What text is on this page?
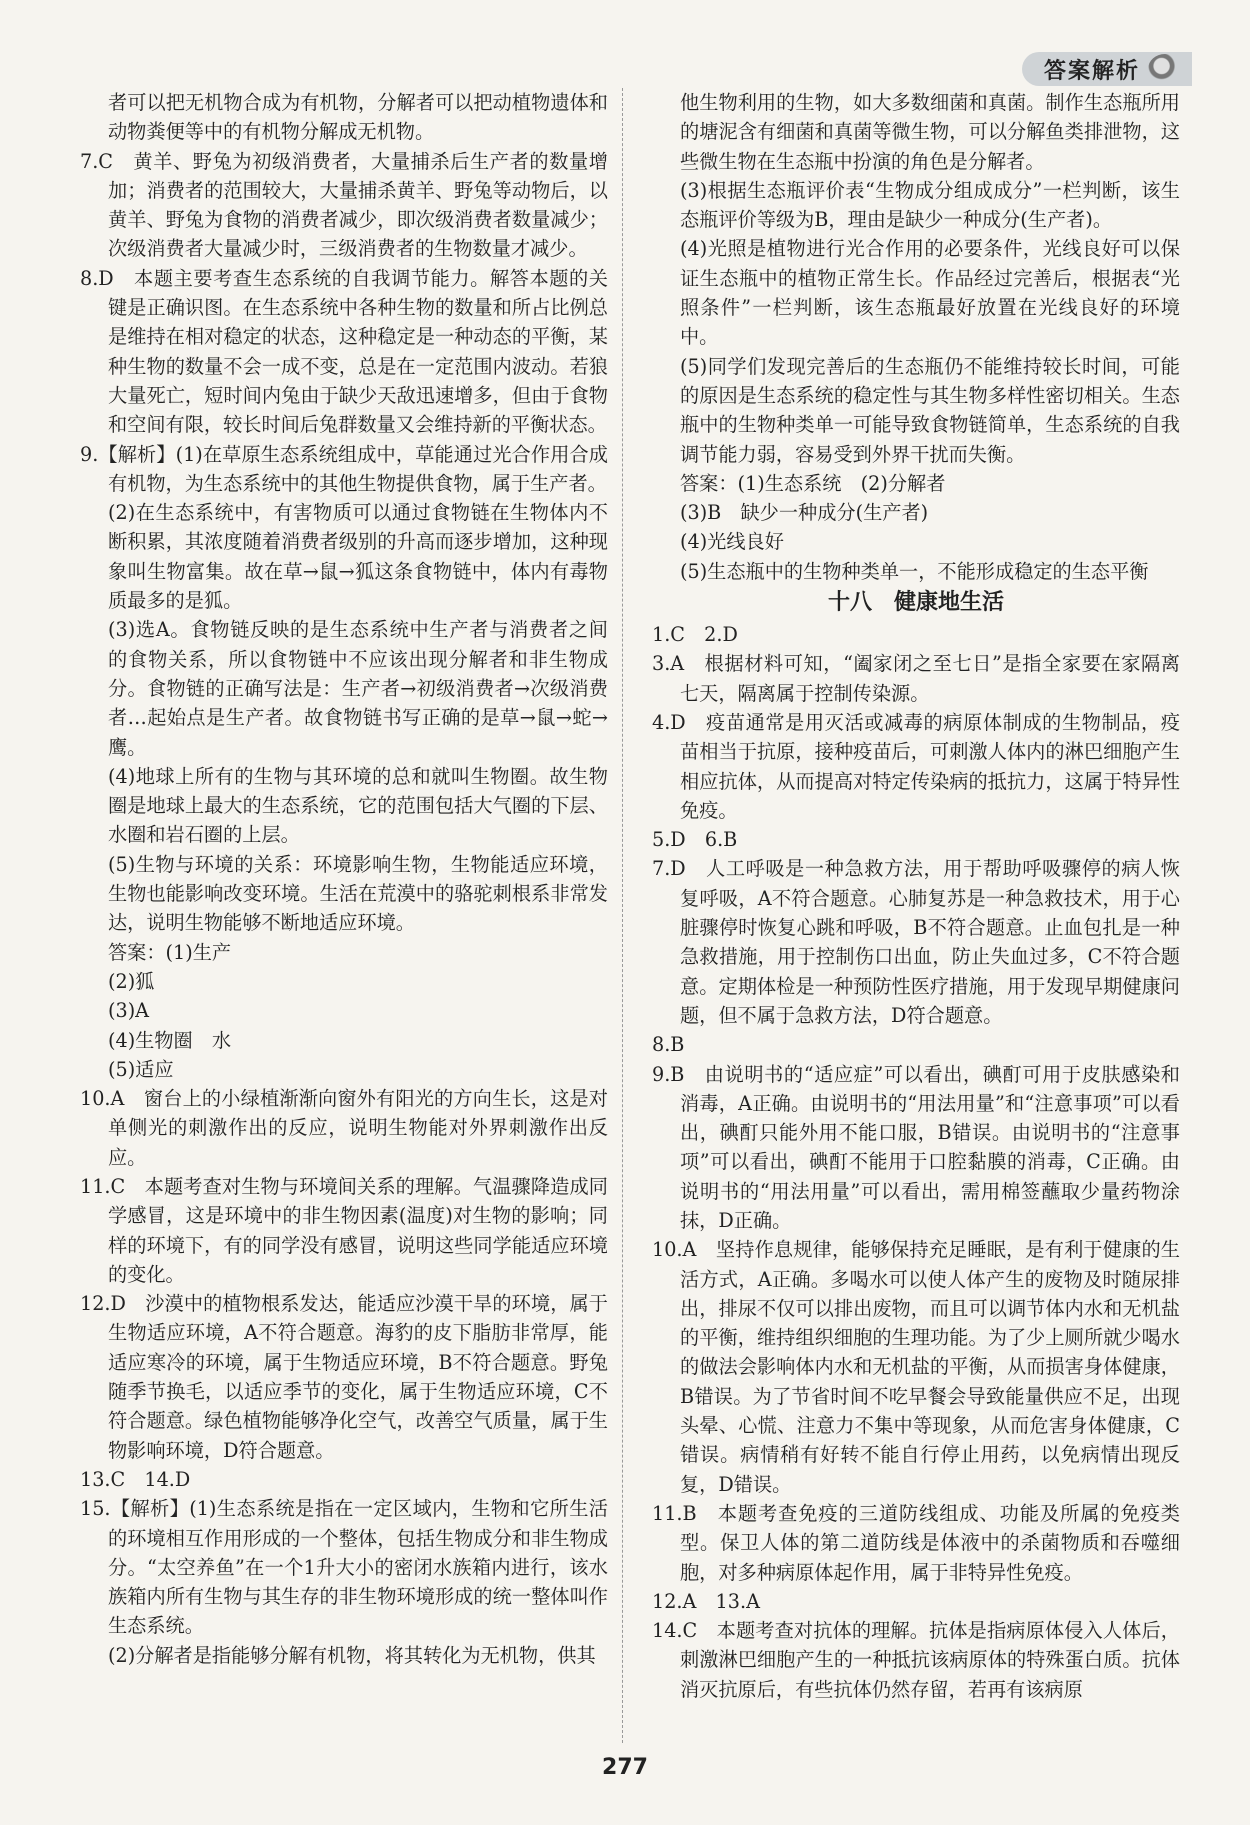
答案解析

者可以把无机物合成为有机物，分解者可以把动植物遗体和动物粪便等中的有机物分解成无机物。

7.C　黄羊、野兔为初级消费者，大量捕杀后生产者的数量增加；消费者的范围较大，大量捕杀黄羊、野兔等动物后，以黄羊、野兔为食物的消费者减少，即次级消费者数量减少；次级消费者大量减少时，三级消费者的生物数量才减少。

8.D　本题主要考查生态系统的自我调节能力。解答本题的关键是正确识图。在生态系统中各种生物的数量和所占比例总是维持在相对稳定的状态，这种稳定是一种动态的平衡，某种生物的数量不会一成不变，总是在一定范围内波动。若狼大量死亡，短时间内兔由于缺少天敌迅速增多，但由于食物和空间有限，较长时间后兔群数量又会维持新的平衡状态。

9.【解析】(1)在草原生态系统组成中，草能通过光合作用合成有机物，为生态系统中的其他生物提供食物，属于生产者。

(2)在生态系统中，有害物质可以通过食物链在生物体内不断积累，其浓度随着消费者级别的升高而逐步增加，这种现象叫生物富集。故在草→鼠→狐这条食物链中，体内有毒物质最多的是狐。

(3)选A。食物链反映的是生态系统中生产者与消费者之间的食物关系，所以食物链中不应该出现分解者和非生物成分。食物链的正确写法是：生产者→初级消费者→次级消费者…起始点是生产者。故食物链书写正确的是草→鼠→蛇→鹰。

(4)地球上所有的生物与其环境的总和就叫生物圈。故生物圈是地球上最大的生态系统，它的范围包括大气圈的下层、水圈和岩石圈的上层。

(5)生物与环境的关系：环境影响生物，生物能适应环境，生物也能影响改变环境。生活在荒漠中的骆驼刺根系非常发达，说明生物能够不断地适应环境。

答案：(1)生产

(2)狐

(3)A

(4)生物圈　水

(5)适应

10.A　窗台上的小绿植渐渐向窗外有阳光的方向生长，这是对单侧光的刺激作出的反应，说明生物能对外界刺激作出反应。

11.C　本题考查对生物与环境间关系的理解。气温骤降造成同学感冒，这是环境中的非生物因素(温度)对生物的影响；同样的环境下，有的同学没有感冒，说明这些同学能适应环境的变化。

12.D　沙漠中的植物根系发达，能适应沙漠干旱的环境，属于生物适应环境，A不符合题意。海豹的皮下脂肪非常厚，能适应寒冷的环境，属于生物适应环境，B不符合题意。野兔随季节换毛，以适应季节的变化，属于生物适应环境，C不符合题意。绿色植物能够净化空气，改善空气质量，属于生物影响环境，D符合题意。

13.C　14.D

15.【解析】(1)生态系统是指在一定区域内，生物和它所生活的环境相互作用形成的一个整体，包括生物成分和非生物成分。“太空养鱼”在一个1升大小的密闭水族箱内进行，该水族箱内所有生物与其生存的非生物环境形成的统一整体叫作生态系统。

(2)分解者是指能够分解有机物，将其转化为无机物，供其

他生物利用的生物，如大多数细菌和真菌。制作生态瓶所用的塘泥含有细菌和真菌等微生物，可以分解鱼类排泄物，这些微生物在生态瓶中扮演的角色是分解者。

(3)根据生态瓶评价表“生物成分组成成分”一栏判断，该生态瓶评价等级为B，理由是缺少一种成分(生产者)。

(4)光照是植物进行光合作用的必要条件，光线良好可以保证生态瓶中的植物正常生长。作品经过完善后，根据表“光照条件”一栏判断，该生态瓶最好放置在光线良好的环境中。

(5)同学们发现完善后的生态瓶仍不能维持较长时间，可能的原因是生态系统的稳定性与其生物多样性密切相关。生态瓶中的生物种类单一可能导致食物链简单，生态系统的自我调节能力弱，容易受到外界干扰而失衡。

答案：(1)生态系统　(2)分解者

(3)B　缺少一种成分(生产者)

(4)光线良好

(5)生态瓶中的生物种类单一，不能形成稳定的生态平衡

十八　健康地生活

1.C　2.D

3.A　根据材料可知，“阖家闭之至七日”是指全家要在家隔离七天，隔离属于控制传染源。

4.D　疫苗通常是用灭活或减毒的病原体制成的生物制品，疫苗相当于抗原，接种疫苗后，可刺激人体内的淋巴细胞产生相应抗体，从而提高对特定传染病的抵抗力，这属于特异性免疫。

5.D　6.B

7.D　人工呼吸是一种急救方法，用于帮助呼吸骤停的病人恢复呼吸，A不符合题意。心肺复苏是一种急救技术，用于心脏骤停时恢复心跳和呼吸，B不符合题意。止血包扎是一种急救措施，用于控制伤口出血，防止失血过多，C不符合题意。定期体检是一种预防性医疗措施，用于发现早期健康问题，但不属于急救方法，D符合题意。

8.B

9.B　由说明书的“适应症”可以看出，碘酊可用于皮肤感染和消毒，A正确。由说明书的“用法用量”和“注意事项”可以看出，碘酊只能外用不能口服，B错误。由说明书的“注意事项”可以看出，碘酊不能用于口腔黏膜的消毒，C正确。由说明书的“用法用量”可以看出，需用棉签蘸取少量药物涂抹，D正确。

10.A　坚持作息规律，能够保持充足睡眠，是有利于健康的生活方式，A正确。多喝水可以使人体产生的废物及时随尿排出，排尿不仅可以排出废物，而且可以调节体内水和无机盐的平衡，维持组织细胞的生理功能。为了少上厕所就少喝水的做法会影响体内水和无机盐的平衡，从而损害身体健康，B错误。为了节省时间不吃早餐会导致能量供应不足，出现头晕、心慌、注意力不集中等现象，从而危害身体健康，C错误。病情稍有好转不能自行停止用药，以免病情出现反复，D错误。

11.B　本题考查免疫的三道防线组成、功能及所属的免疫类型。保卫人体的第二道防线是体液中的杀菌物质和吞噬细胞，对多种病原体起作用，属于非特异性免疫。

12.A　13.A

14.C　本题考查对抗体的理解。抗体是指病原体侵入人体后，刺激淋巴细胞产生的一种抵抗该病原体的特殊蛋白质。抗体消灭抗原后，有些抗体仍然存留，若再有该病原

277
